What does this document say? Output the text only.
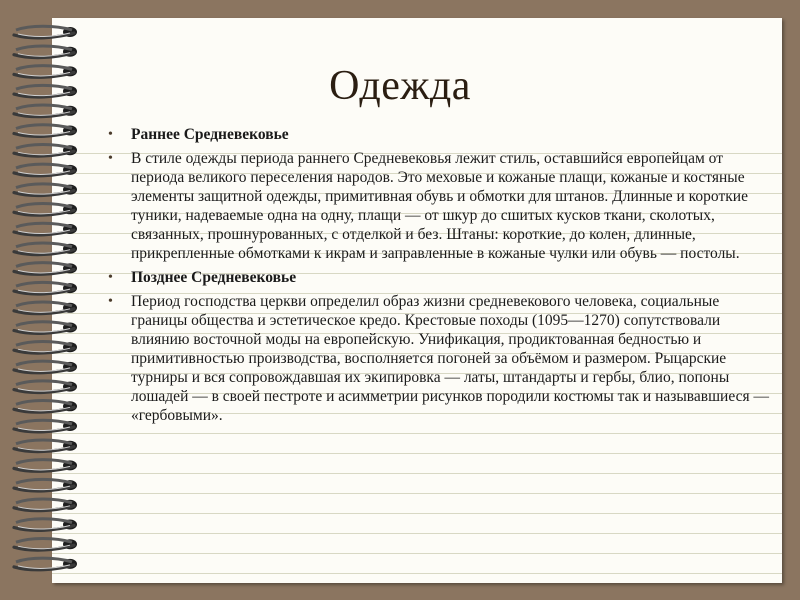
Одежда
• Раннее Средневековье
• В стиле одежды периода раннего Средневековья лежит стиль, оставшийся европейцам от периода великого переселения народов. Это меховые и кожаные плащи, кожаные и костяные элементы защитной одежды, примитивная обувь и обмотки для штанов. Длинные и короткие туники, надеваемые одна на одну, плащи — от шкур до сшитых кусков ткани, сколотых, связанных, прошнурованных, с отделкой и без. Штаны: короткие, до колен, длинные, прикрепленные обмотками к икрам и заправленные в кожаные чулки или обувь — постолы.
• Позднее Средневековье
• Период господства церкви определил образ жизни средневекового человека, социальные границы общества и эстетическое кредо. Крестовые походы (1095—1270) сопутствовали влиянию восточной моды на европейскую. Унификация, продиктованная бедностью и примитивностью производства, восполняется погоней за объёмом и размером. Рыцарские турниры и вся сопровождавшая их экипировка — латы, штандарты и гербы, блио, попоны лошадей — в своей пестроте и асимметрии рисунков породили костюмы так и называвшиеся — «гербовыми».
